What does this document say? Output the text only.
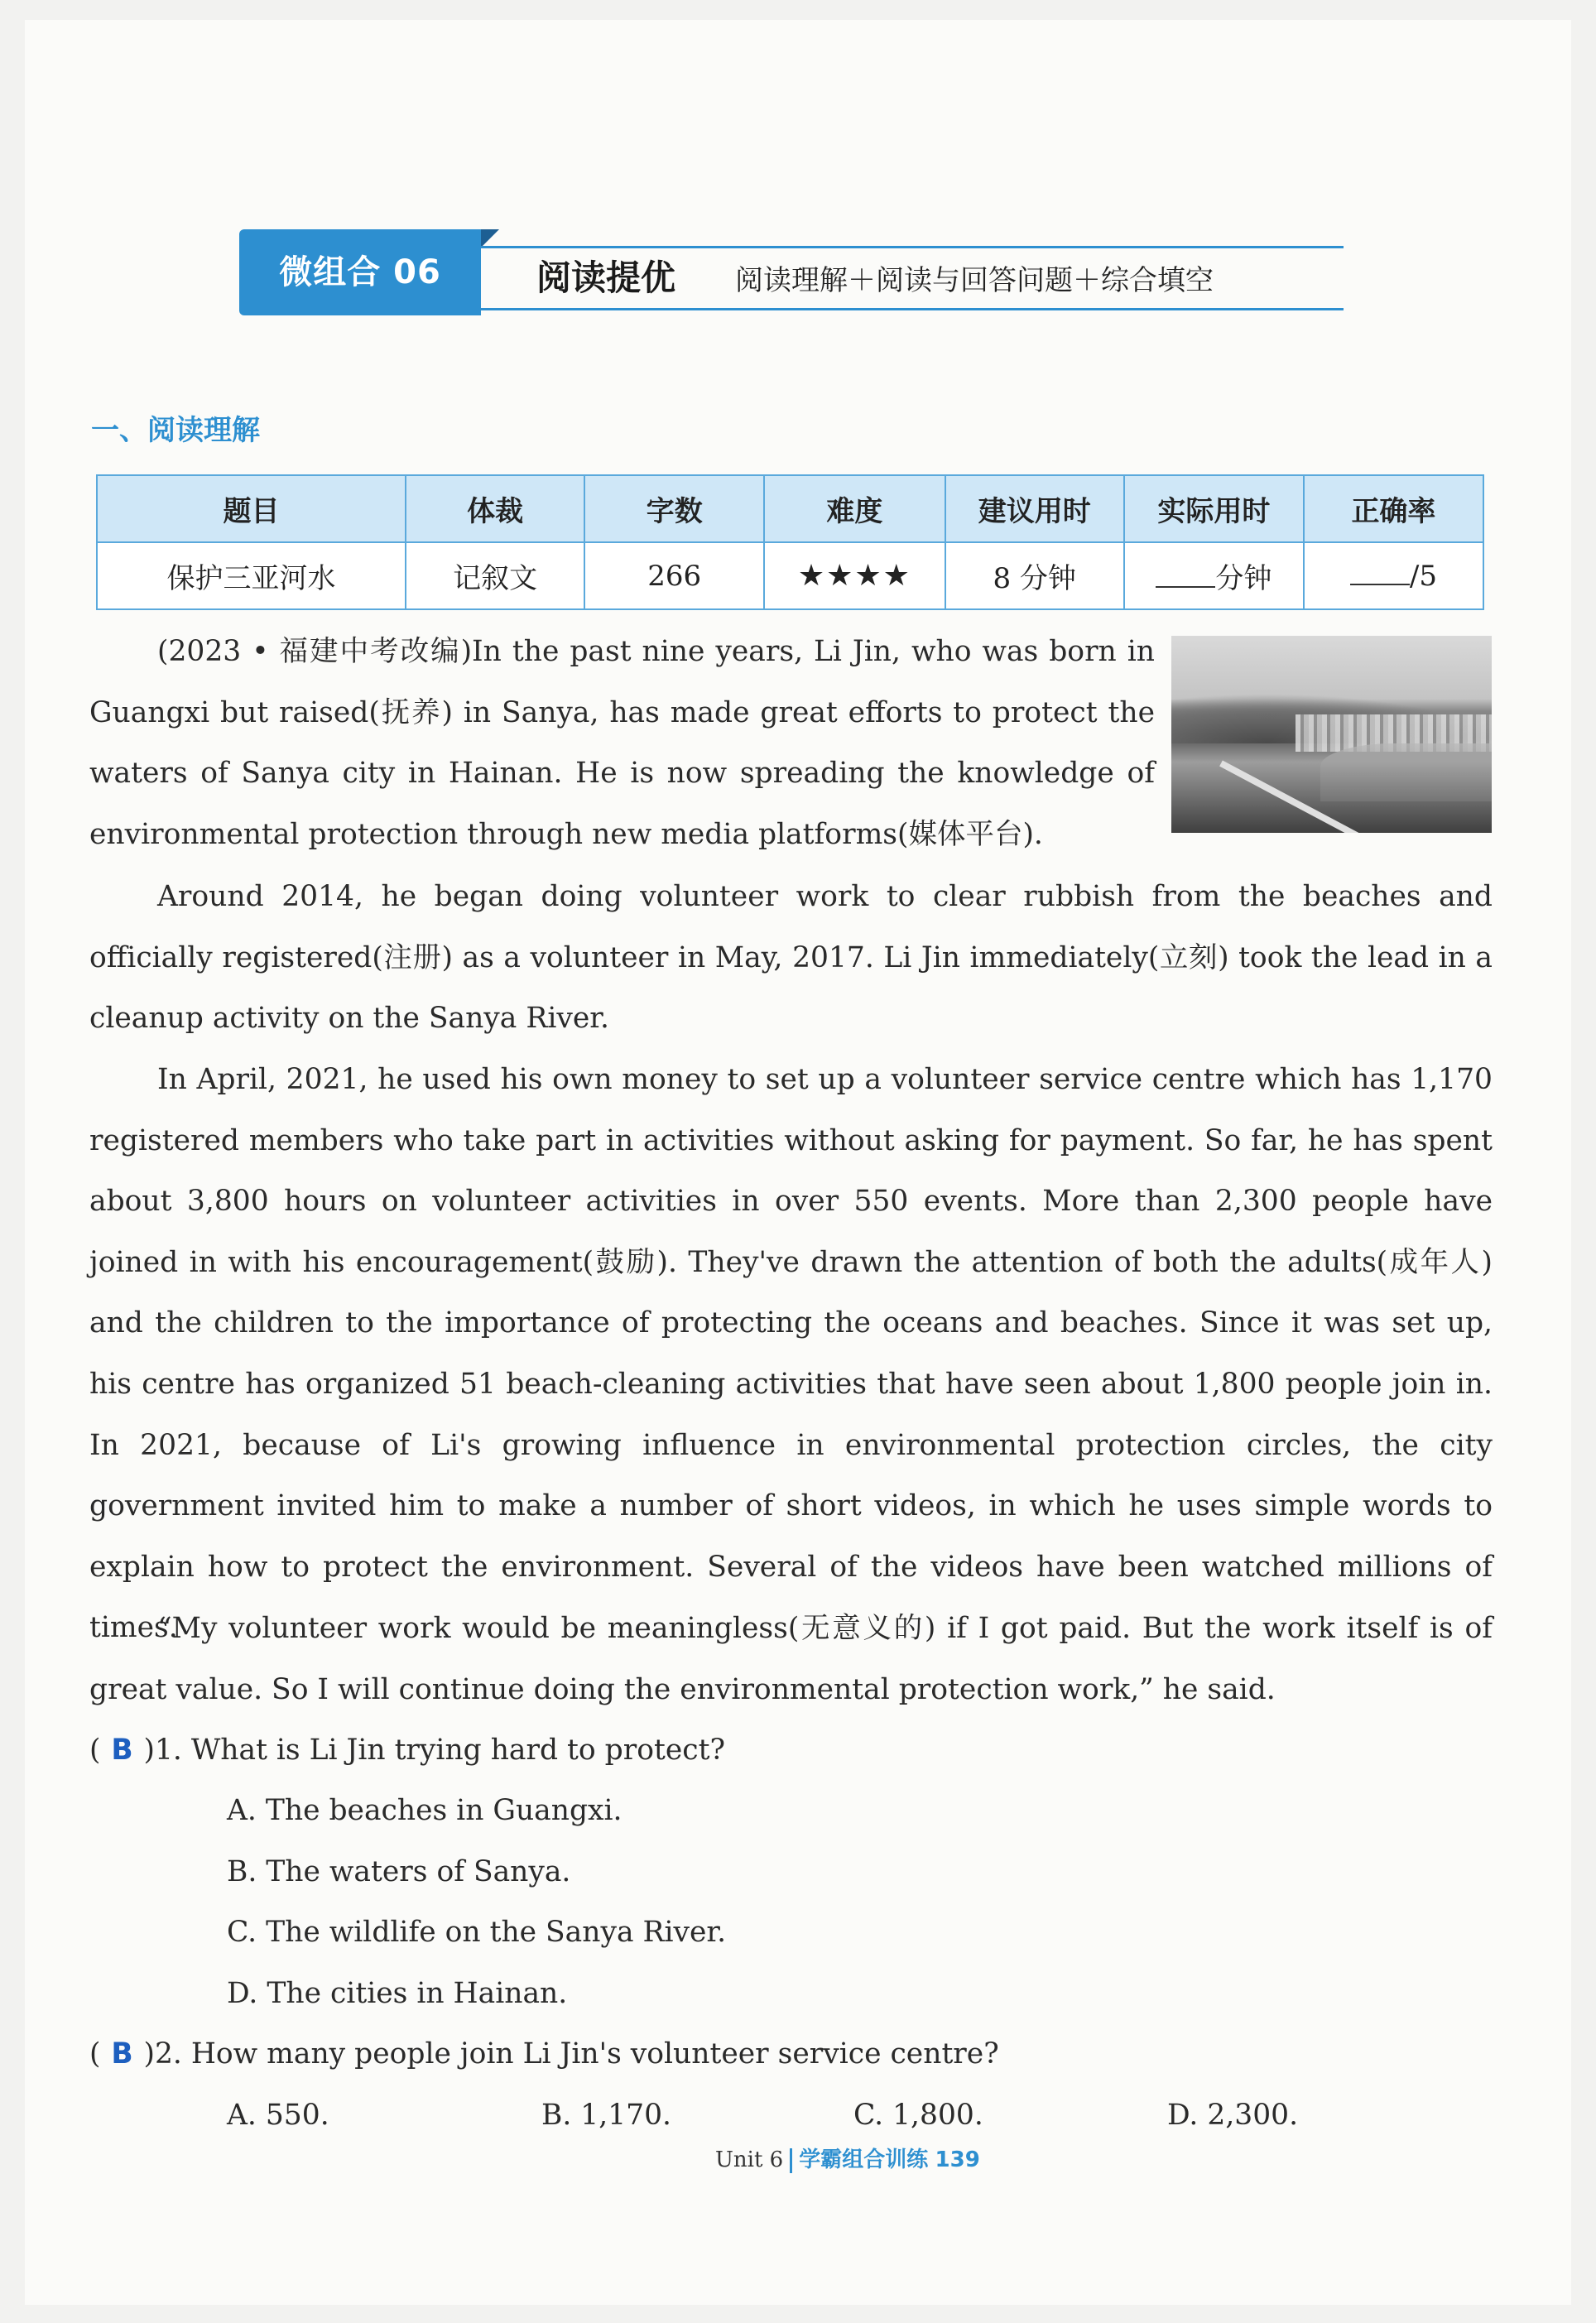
微组合 06	阅读提优 阅读理解＋阅读与回答问题＋综合填空
一、阅读理解
题目	体裁	字数	难度	建议用时	实际用时	正确率
保护三亚河水	记叙文	266	★★★★	8 分钟	分钟	/5
(2023 • 福建中考改编)In the past nine years, Li Jin, who was born in Guangxi but raised(抚养) in Sanya, has made great efforts to protect the waters of Sanya city in Hainan. He is now spreading the knowledge of environmental protection through new media platforms(媒体平台).
Around 2014, he began doing volunteer work to clear rubbish from the beaches and officially registered(注册) as a volunteer in May, 2017. Li Jin immediately(立刻) took the lead in a cleanup activity on the Sanya River.
In April, 2021, he used his own money to set up a volunteer service centre which has 1,170 registered members who take part in activities without asking for payment. So far, he has spent about 3,800 hours on volunteer activities in over 550 events. More than 2,300 people have joined in with his encouragement(鼓励). They've drawn the attention of both the adults(成年人) and the children to the importance of protecting the oceans and beaches. Since it was set up, his centre has organized 51 beach-cleaning activities that have seen about 1,800 people join in. In 2021, because of Li's growing influence in environmental protection circles, the city government invited him to make a number of short videos, in which he uses simple words to explain how to protect the environment. Several of the videos have been watched millions of times.
“My volunteer work would be meaningless(无意义的) if I got paid. But the work itself is of great value. So I will continue doing the environmental protection work,” he said.
( B )1. What is Li Jin trying hard to protect?
A. The beaches in Guangxi.
B. The waters of Sanya.
C. The wildlife on the Sanya River.
D. The cities in Hainan.
( B )2. How many people join Li Jin's volunteer service centre?
A. 550.	B. 1,170.	C. 1,800.	D. 2,300.
Unit 6 学霸组合训练 139
